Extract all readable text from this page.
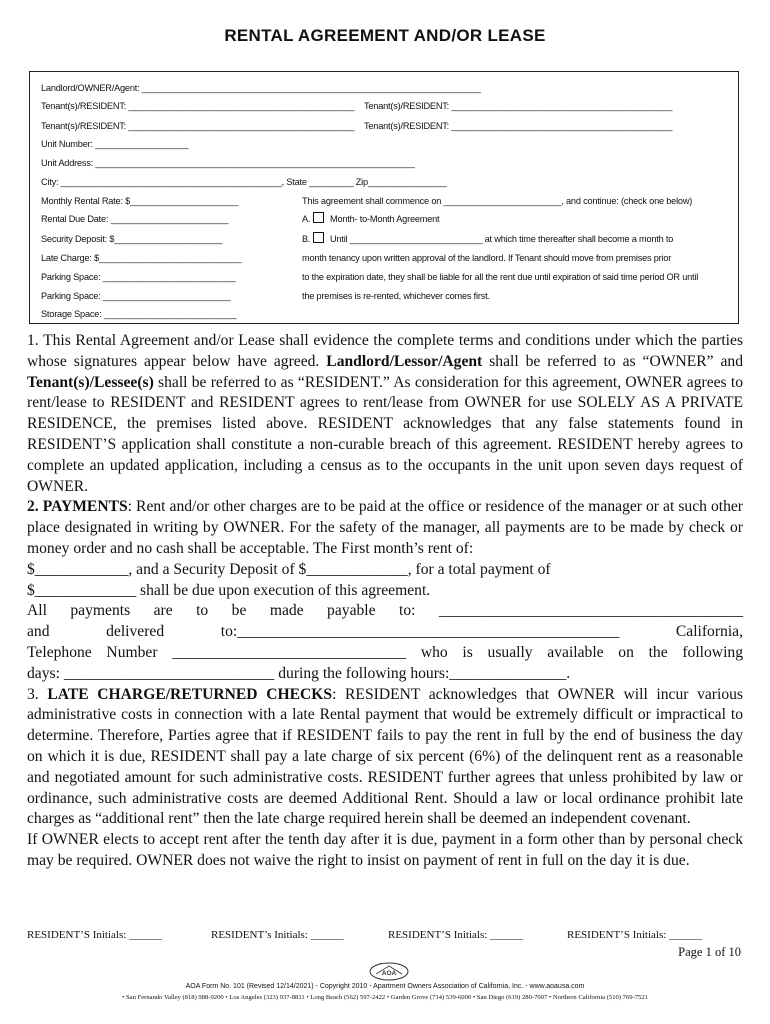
RENTAL AGREEMENT AND/OR LEASE
Landlord/OWNER/Agent: _____________________________________________________________________
Tenant(s)/RESIDENT: ______________________________________________ Tenant(s)/RESIDENT: _____________________________________________
Tenant(s)/RESIDENT: ______________________________________________ Tenant(s)/RESIDENT: _____________________________________________
Unit Number: ___________________
Unit Address: _________________________________________________________________
City: _____________________________________________, State _________ Zip________________
Monthly Rental Rate: $______________________	This agreement shall commence on ________________________, and continue: (check one below)
Rental Due Date: ________________________	A. Month- to-Month Agreement
Security Deposit: $______________________	B. Until ___________________________ at which time thereafter shall become a month to
Late Charge: $_____________________________	month tenancy upon written approval of the landlord. If Tenant should move from premises prior
Parking Space: ___________________________	to the expiration date, they shall be liable for all the rent due until expiration of said time period OR until
Parking Space: __________________________	the premises is re-rented, whichever comes first.
Storage Space: ___________________________

1. This Rental Agreement and/or Lease shall evidence the complete terms and conditions under which the parties whose signatures appear below have agreed. Landlord/Lessor/Agent shall be referred to as “OWNER” and Tenant(s)/Lessee(s) shall be referred to as “RESIDENT.” As consideration for this agreement, OWNER agrees to rent/lease to RESIDENT and RESIDENT agrees to rent/lease from OWNER for use SOLELY AS A PRIVATE RESIDENCE, the premises listed above. RESIDENT acknowledges that any false statements found in RESIDENT’S application shall constitute a non-curable breach of this agreement. RESIDENT hereby agrees to complete an updated application, including a census as to the occupants in the unit upon seven days request of OWNER.

2. PAYMENTS: Rent and/or other charges are to be paid at the office or residence of the manager or at such other place designated in writing by OWNER. For the safety of the manager, all payments are to be made by check or money order and no cash shall be acceptable. The First month’s rent of:

$____________, and a Security Deposit of $_____________, for a total payment of

$_____________ shall be due upon execution of this agreement.

All payments are to be made payable to: _______________________________________

and delivered to:_________________________________________________ California,

Telephone Number ______________________________ who is usually available on the following

days: ___________________________ during the following hours:_______________.

3. LATE CHARGE/RETURNED CHECKS: RESIDENT acknowledges that OWNER will incur various administrative costs in connection with a late Rental payment that would be extremely difficult or impractical to determine. Therefore, Parties agree that if RESIDENT fails to pay the rent in full by the end of business the day on which it is due, RESIDENT shall pay a late charge of six percent (6%) of the delinquent rent as a reasonable and negotiated amount for such administrative costs. RESIDENT further agrees that unless prohibited by law or ordinance, such administrative costs are deemed Additional Rent. Should a law or local ordinance prohibit late charges as “additional rent” then the late charge required herein shall be deemed an independent covenant.

If OWNER elects to accept rent after the tenth day after it is due, payment in a form other than by personal check may be required. OWNER does not waive the right to insist on payment of rent in full on the day it is due.

RESIDENT’S Initials: ______	RESIDENT’s Initials: ______	RESIDENT’S Initials: ______	RESIDENT’S Initials: ______
Page 1 of 10
AOA
AOA Form No. 101 (Revised 12/14/2021) - Copyright 2010 - Apartment Owners Association of California, Inc. - www.aoausa.com
• San Fernando Valley (818) 988-9200 • Los Angeles (323) 937-8811 • Long Beach (562) 597-2422 • Garden Grove (714) 539-6000 • San Diego (619) 280-7007 • Northern California (510) 769-7521
